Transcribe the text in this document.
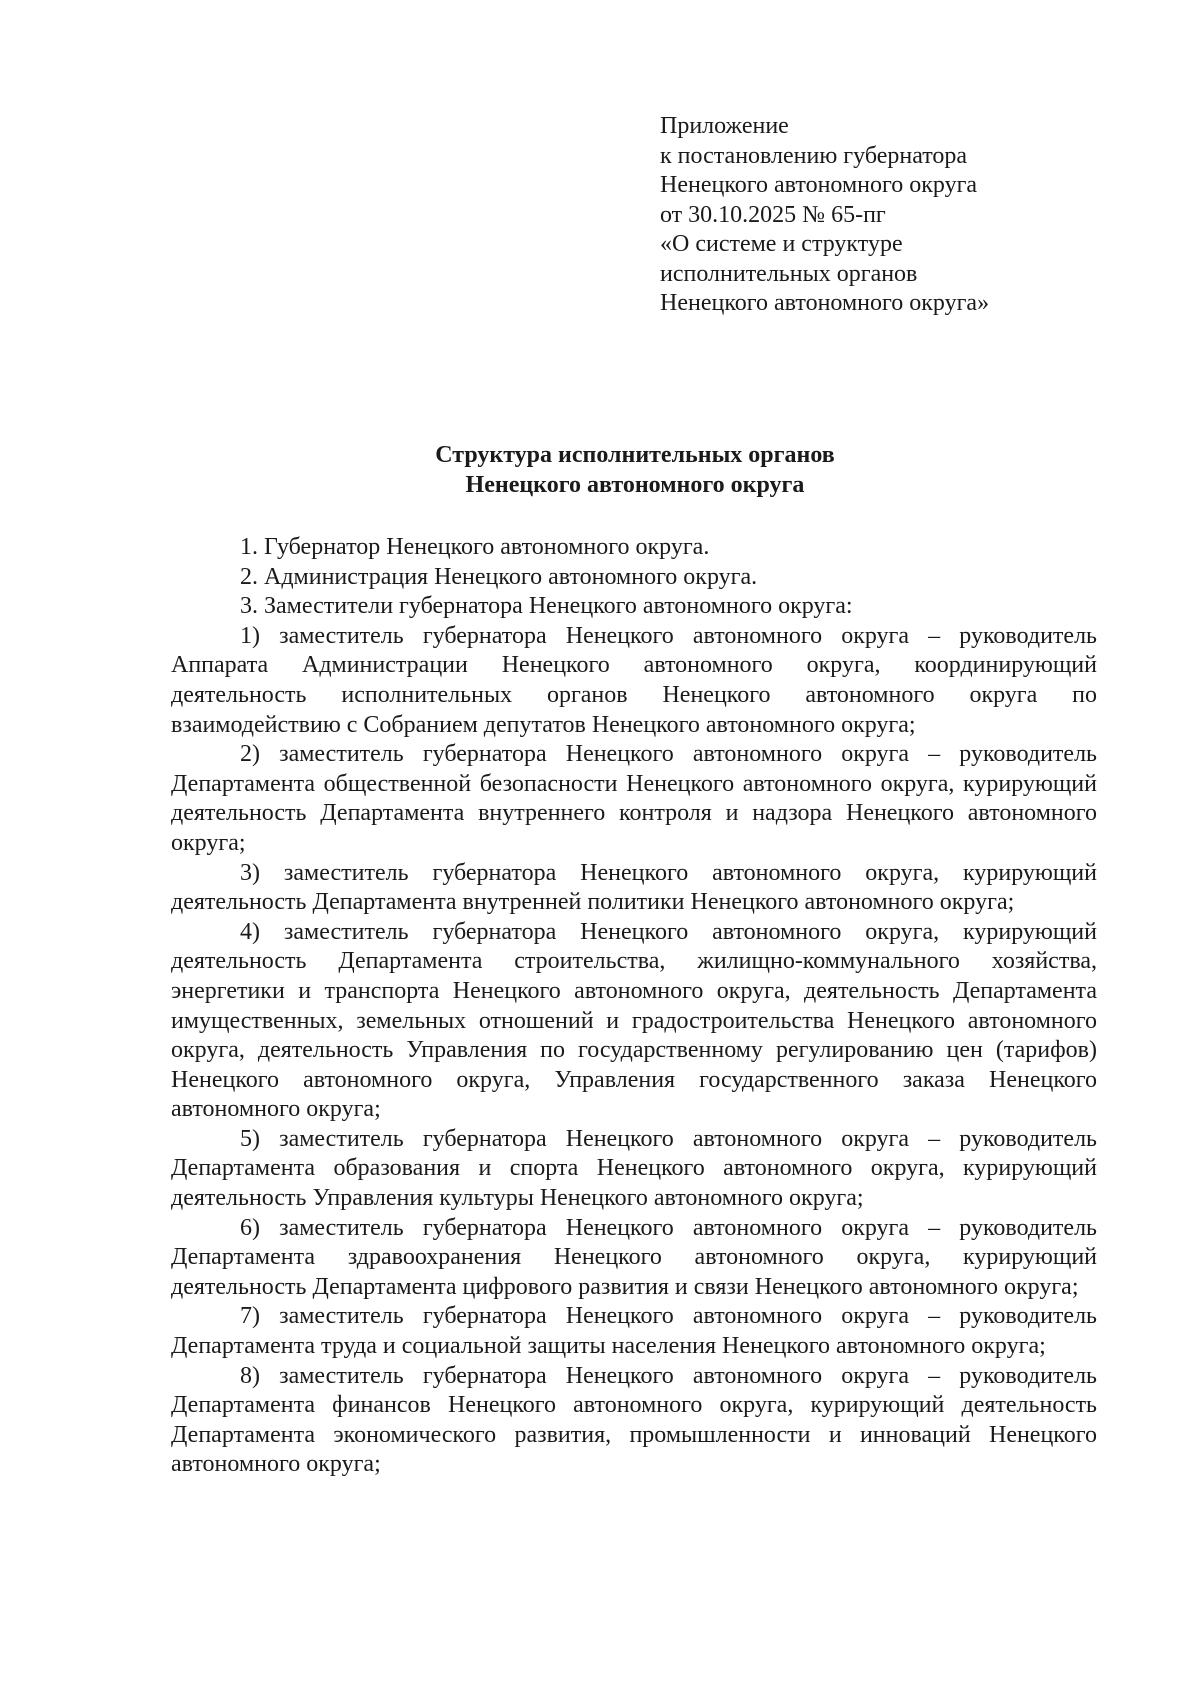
Приложение
к постановлению губернатора
Ненецкого автономного округа
от 30.10.2025 № 65-пг
«О системе и структуре
исполнительных органов
Ненецкого автономного округа»
Структура исполнительных органов
Ненецкого автономного округа

1. Губернатор Ненецкого автономного округа.

2. Администрация Ненецкого автономного округа.

3. Заместители губернатора Ненецкого автономного округа:

1) заместитель губернатора Ненецкого автономного округа – руководитель Аппарата Администрации Ненецкого автономного округа, координирующий деятельность исполнительных органов Ненецкого автономного округа по взаимодействию с Собранием депутатов Ненецкого автономного округа;

2) заместитель губернатора Ненецкого автономного округа – руководитель Департамента общественной безопасности Ненецкого автономного округа, курирующий деятельность Департамента внутреннего контроля и надзора Ненецкого автономного округа;

3) заместитель губернатора Ненецкого автономного округа, курирующий деятельность Департамента внутренней политики Ненецкого автономного округа;

4) заместитель губернатора Ненецкого автономного округа, курирующий деятельность Департамента строительства, жилищно-коммунального хозяйства, энергетики и транспорта Ненецкого автономного округа, деятельность Департамента имущественных, земельных отношений и градостроительства Ненецкого автономного округа, деятельность Управления по государственному регулированию цен (тарифов) Ненецкого автономного округа, Управления государственного заказа Ненецкого автономного округа;

5) заместитель губернатора Ненецкого автономного округа – руководитель Департамента образования и спорта Ненецкого автономного округа, курирующий деятельность Управления культуры Ненецкого автономного округа;

6) заместитель губернатора Ненецкого автономного округа – руководитель Департамента здравоохранения Ненецкого автономного округа, курирующий деятельность Департамента цифрового развития и связи Ненецкого автономного округа;

7) заместитель губернатора Ненецкого автономного округа – руководитель Департамента труда и социальной защиты населения Ненецкого автономного округа;

8) заместитель губернатора Ненецкого автономного округа – руководитель Департамента финансов Ненецкого автономного округа, курирующий деятельность Департамента экономического развития, промышленности и инноваций Ненецкого автономного округа;
